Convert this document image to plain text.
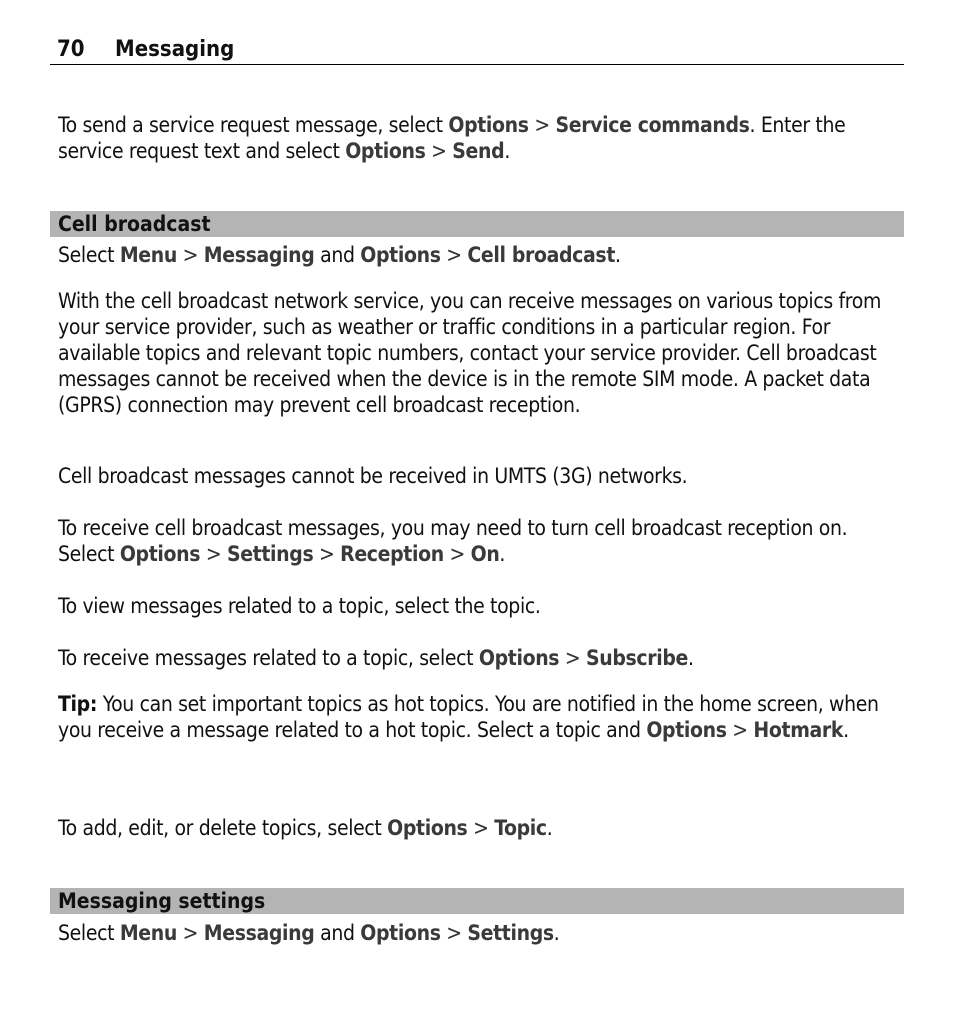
70 Messaging

To send a service request message, select Options > Service commands. Enter the service request text and select Options > Send.

Cell broadcast

Select Menu > Messaging and Options > Cell broadcast.

With the cell broadcast network service, you can receive messages on various topics from your service provider, such as weather or traffic conditions in a particular region. For available topics and relevant topic numbers, contact your service provider. Cell broadcast messages cannot be received when the device is in the remote SIM mode. A packet data (GPRS) connection may prevent cell broadcast reception.

Cell broadcast messages cannot be received in UMTS (3G) networks.

To receive cell broadcast messages, you may need to turn cell broadcast reception on. Select Options > Settings > Reception > On.

To view messages related to a topic, select the topic.

To receive messages related to a topic, select Options > Subscribe.

Tip: You can set important topics as hot topics. You are notified in the home screen, when you receive a message related to a hot topic. Select a topic and Options > Hotmark.

To add, edit, or delete topics, select Options > Topic.

Messaging settings

Select Menu > Messaging and Options > Settings.
